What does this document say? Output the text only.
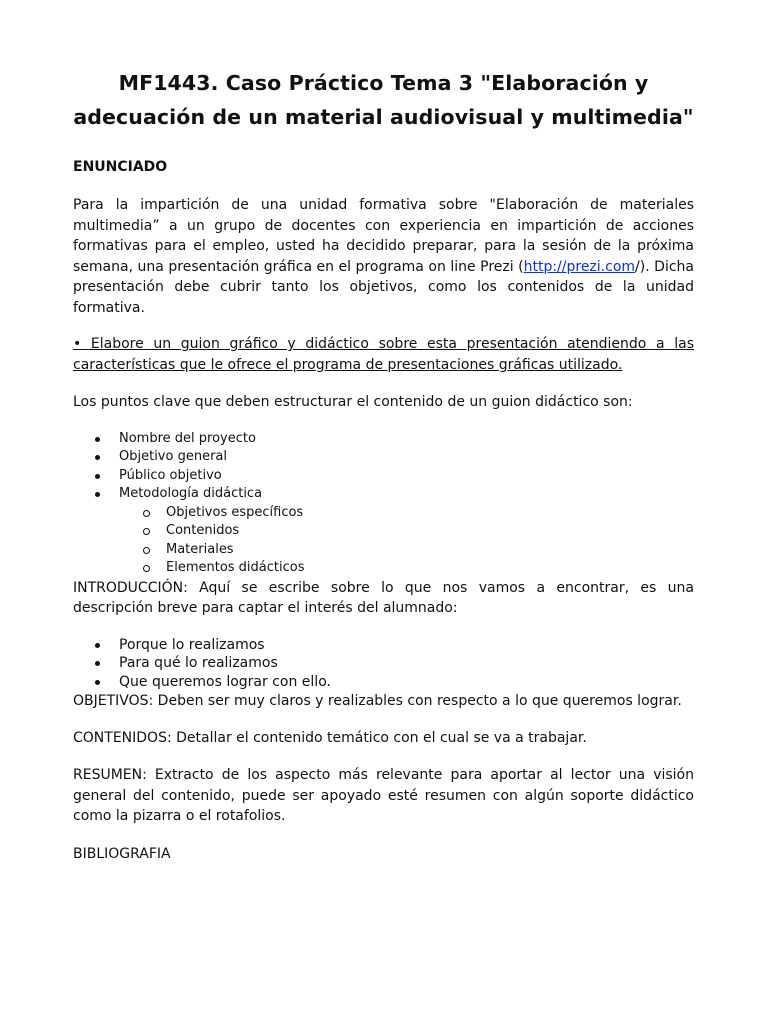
MF1443. Caso Práctico Tema 3 "Elaboración y adecuación de un material audiovisual y multimedia"
ENUNCIADO

Para la impartición de una unidad formativa sobre "Elaboración de materiales multimedia” a un grupo de docentes con experiencia en impartición de acciones formativas para el empleo, usted ha decidido preparar, para la sesión de la próxima semana, una presentación gráfica en el programa on line Prezi (http://prezi.com/). Dicha presentación debe cubrir tanto los objetivos, como los contenidos de la unidad formativa.

• Elabore un guion gráfico y didáctico sobre esta presentación atendiendo a las características que le ofrece el programa de presentaciones gráficas utilizado.

Los puntos clave que deben estructurar el contenido de un guion didáctico son:

Nombre del proyecto
Objetivo general
Público objetivo
Metodología didáctica
Objetivos específicos
Contenidos
Materiales
Elementos didácticos

INTRODUCCIÓN: Aquí se escribe sobre lo que nos vamos a encontrar, es una descripción breve para captar el interés del alumnado:

Porque lo realizamos
Para qué lo realizamos
Que queremos lograr con ello.

OBJETIVOS: Deben ser muy claros y realizables con respecto a lo que queremos lograr.

CONTENIDOS: Detallar el contenido temático con el cual se va a trabajar.

RESUMEN: Extracto de los aspecto más relevante para aportar al lector una visión general del contenido, puede ser apoyado esté resumen con algún soporte didáctico como la pizarra o el rotafolios.

BIBLIOGRAFIA
